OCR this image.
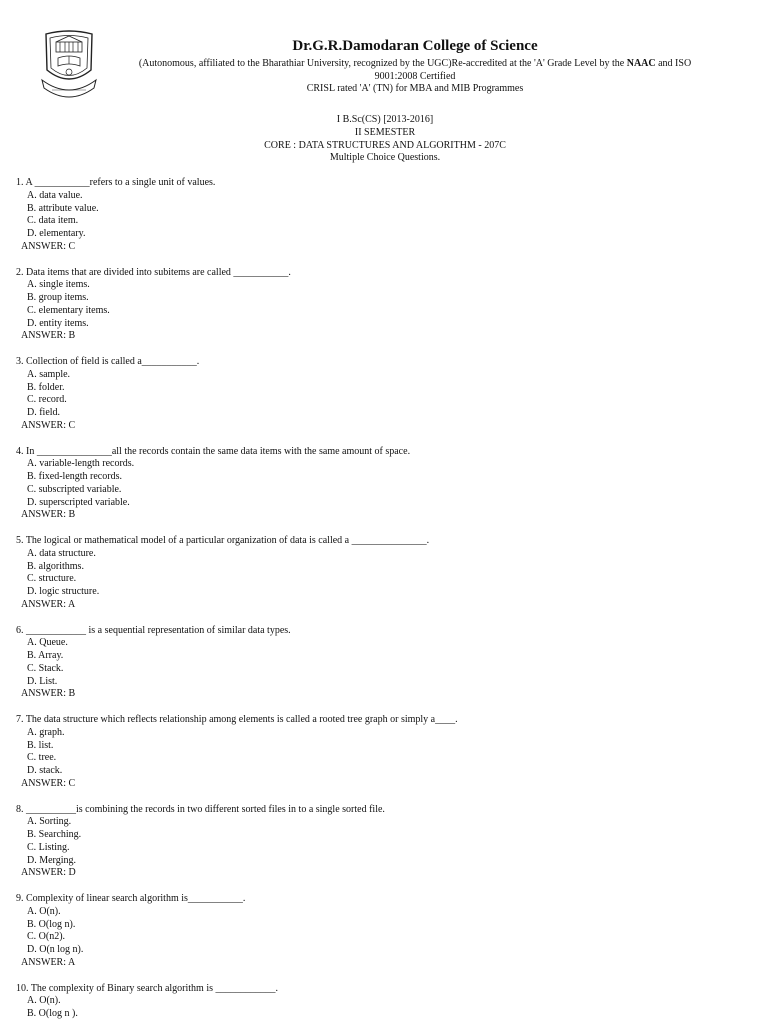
Dr.G.R.Damodaran College of Science
(Autonomous, affiliated to the Bharathiar University, recognized by the UGC)Re-accredited at the 'A' Grade Level by the NAAC and ISO
9001:2008 Certified
CRISL rated 'A' (TN) for MBA and MIB Programmes
I B.Sc(CS) [2013-2016]
II SEMESTER
CORE : DATA STRUCTURES AND ALGORITHM - 207C
Multiple Choice Questions.
1. A ___________refers to a single unit of values.
A. data value.
B. attribute value.
C. data item.
D. elementary.
ANSWER: C
2. Data items that are divided into subitems are called ___________.
A. single items.
B. group items.
C. elementary items.
D. entity items.
ANSWER: B
3. Collection of field is called a___________.
A. sample.
B. folder.
C. record.
D. field.
ANSWER: C
4. In _______________all the records contain the same data items with the same amount of space.
A. variable-length records.
B. fixed-length records.
C. subscripted variable.
D. superscripted variable.
ANSWER: B
5. The logical or mathematical model of a particular organization of data is called a _______________.
A. data structure.
B. algorithms.
C. structure.
D. logic structure.
ANSWER: A
6. ____________ is a sequential representation of similar data types.
A. Queue.
B. Array.
C. Stack.
D. List.
ANSWER: B
7. The data structure which reflects relationship among elements is called a rooted tree graph or simply a____.
A. graph.
B. list.
C. tree.
D. stack.
ANSWER: C
8. __________is combining the records in two different sorted files in to a single sorted file.
A. Sorting.
B. Searching.
C. Listing.
D. Merging.
ANSWER: D
9. Complexity of linear search algorithm is___________.
A. O(n).
B. O(log n).
C. O(n2).
D. O(n log n).
ANSWER: A
10. The complexity of Binary search algorithm is ____________.
A. O(n).
B. O(log n ).
